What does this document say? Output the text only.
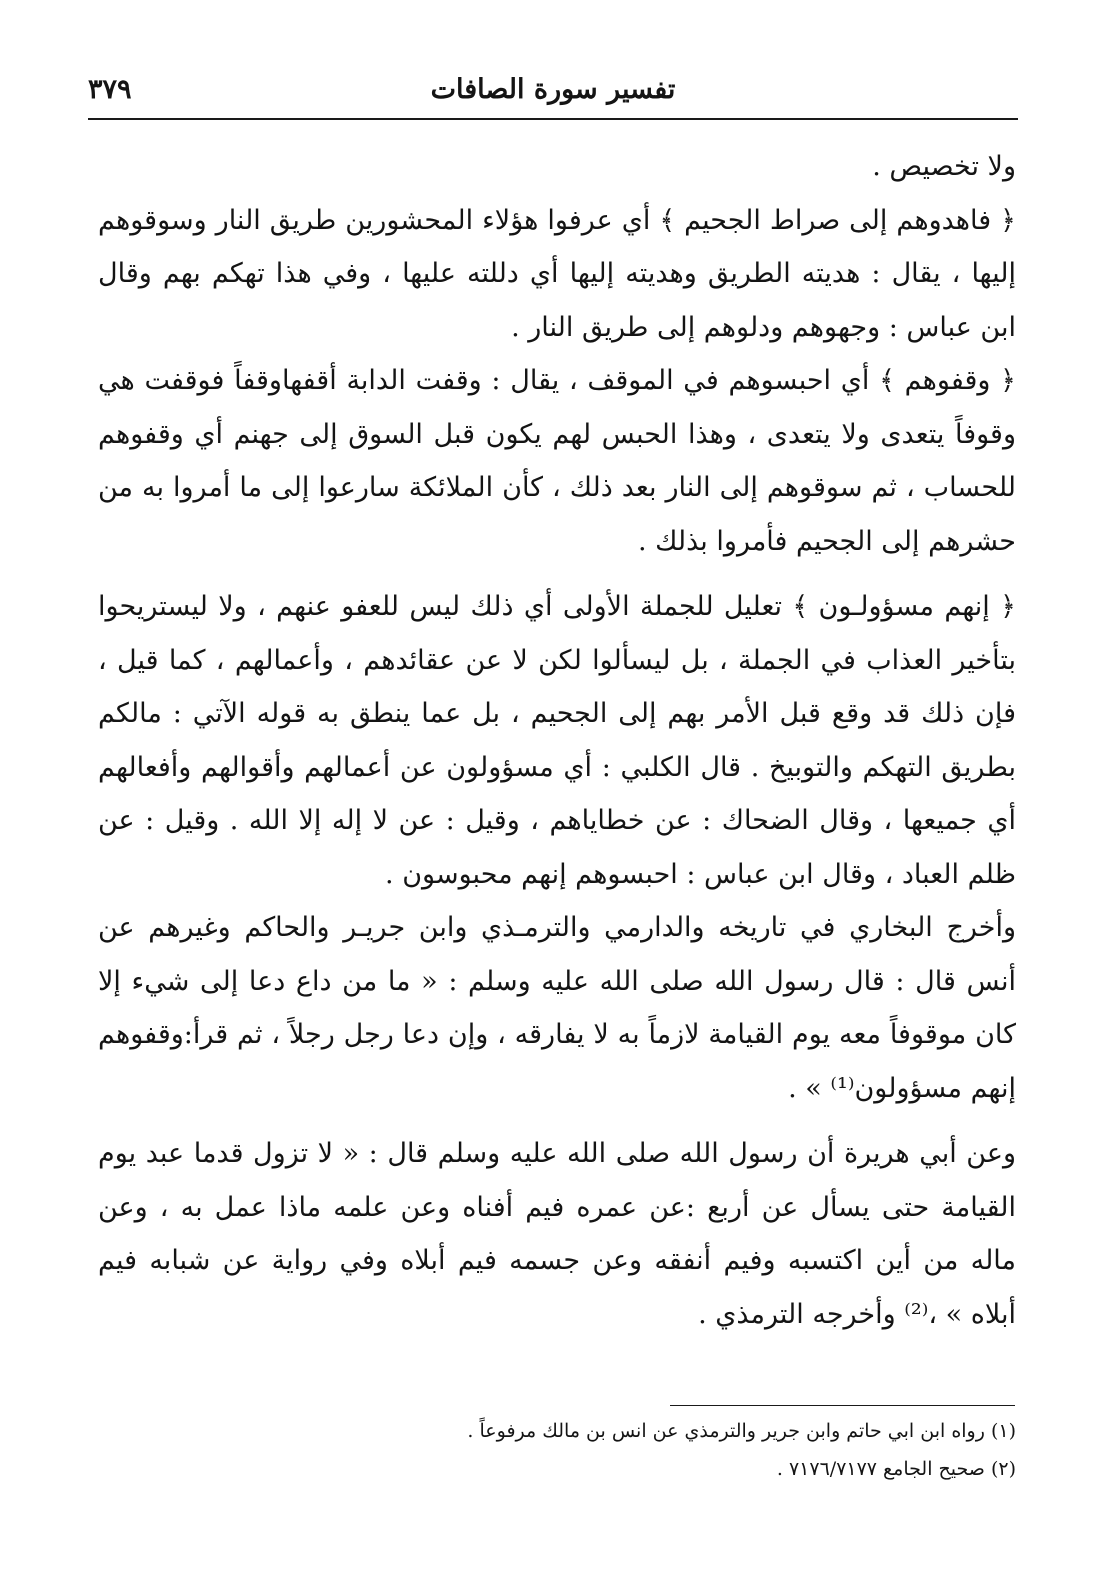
٣٧٩	تفسير سورة الصافات

ولا تخصيص .

﴿ فاهدوهم إلى صراط الجحيم ﴾ أي عرفوا هؤلاء المحشورين طريق النار وسوقوهم إليها ، يقال : هديته الطريق وهديته إليها أي دللته عليها ، وفي هذا تهكم بهم وقال ابن عباس : وجهوهم ودلوهم إلى طريق النار .

﴿ وقفوهم ﴾ أي احبسوهم في الموقف ، يقال : وقفت الدابة أقفهاوقفاً فوقفت هي وقوفاً يتعدى ولا يتعدى ، وهذا الحبس لهم يكون قبل السوق إلى جهنم أي وقفوهم للحساب ، ثم سوقوهم إلى النار بعد ذلك ، كأن الملائكة سارعوا إلى ما أمروا به من حشرهم إلى الجحيم فأمروا بذلك .

﴿ إنهم مسؤولـون ﴾ تعليل للجملة الأولى أي ذلك ليس للعفو عنهم ، ولا ليستريحوا بتأخير العذاب في الجملة ، بل ليسألوا لكن لا عن عقائدهم ، وأعمالهم ، كما قيل ، فإن ذلك قد وقع قبل الأمر بهم إلى الجحيم ، بل عما ينطق به قوله الآتي : مالكم بطريق التهكم والتوبيخ . قال الكلبي : أي مسؤولون عن أعمالهم وأقوالهم وأفعالهم أي جميعها ، وقال الضحاك : عن خطاياهم ، وقيل : عن لا إله إلا الله . وقيل : عن ظلم العباد ، وقال ابن عباس : احبسوهم إنهم محبوسون .

وأخرج البخاري في تاريخه والدارمي والترمـذي وابن جريـر والحاكم وغيرهم عن أنس قال : قال رسول الله صلى الله عليه وسلم : « ما من داع دعا إلى شيء إلا كان موقوفاً معه يوم القيامة لازماً به لا يفارقه ، وإن دعا رجل رجلاً ، ثم قرأ:وقفوهم إنهم مسؤولون⁽¹⁾ » .

وعن أبي هريرة أن رسول الله صلى الله عليه وسلم قال : « لا تزول قدما عبد يوم القيامة حتى يسأل عن أربع :عن عمره فيم أفناه وعن علمه ماذا عمل به ، وعن ماله من أين اكتسبه وفيم أنفقه وعن جسمه فيم أبلاه وفي رواية عن شبابه فيم أبلاه » ،⁽²⁾ وأخرجه الترمذي .

(١) رواه ابن ابي حاتم وابن جرير والترمذي عن انس بن مالك مرفوعاً .

(٢) صحيح الجامع ٧١٧٦/٧١٧٧ .
